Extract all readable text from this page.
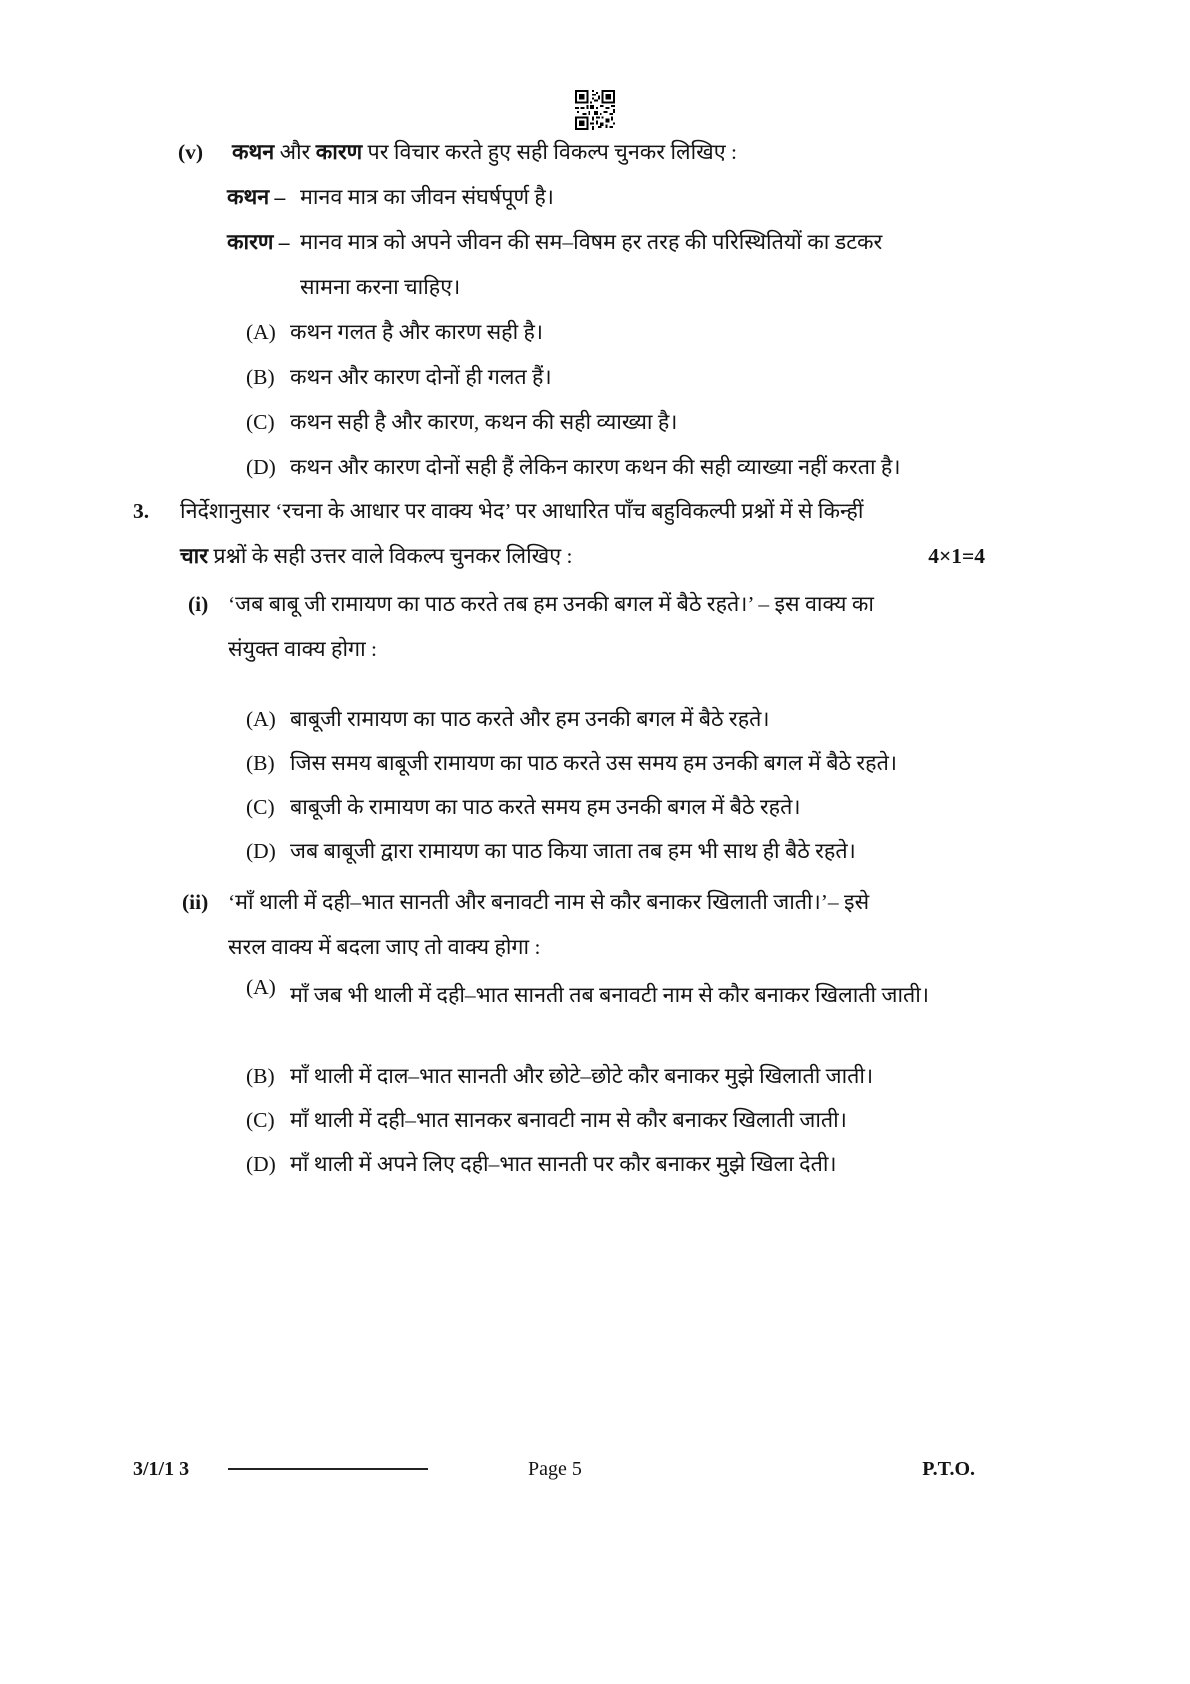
(v) कथन और कारण पर विचार करते हुए सही विकल्प चुनकर लिखिए :
कथन – मानव मात्र का जीवन संघर्षपूर्ण है।
कारण – मानव मात्र को अपने जीवन की सम–विषम हर तरह की परिस्थितियों का डटकर
सामना करना चाहिए।
(A) कथन गलत है और कारण सही है।
(B) कथन और कारण दोनों ही गलत हैं।
(C) कथन सही है और कारण, कथन की सही व्याख्या है।
(D) कथन और कारण दोनों सही हैं लेकिन कारण कथन की सही व्याख्या नहीं करता है।
3. निर्देशानुसार ‘रचना के आधार पर वाक्य भेद’ पर आधारित पाँच बहुविकल्पी प्रश्नों में से किन्हीं
चार प्रश्नों के सही उत्तर वाले विकल्प चुनकर लिखिए :	4×1=4
(i) ‘जब बाबू जी रामायण का पाठ करते तब हम उनकी बगल में बैठे रहते।’ – इस वाक्य का
संयुक्त वाक्य होगा :
(A) बाबूजी रामायण का पाठ करते और हम उनकी बगल में बैठे रहते।
(B) जिस समय बाबूजी रामायण का पाठ करते उस समय हम उनकी बगल में बैठे रहते।
(C) बाबूजी के रामायण का पाठ करते समय हम उनकी बगल में बैठे रहते।
(D) जब बाबूजी द्वारा रामायण का पाठ किया जाता तब हम भी साथ ही बैठे रहते।
(ii) ‘माँ थाली में दही–भात सानती और बनावटी नाम से कौर बनाकर खिलाती जाती।’– इसे
सरल वाक्य में बदला जाए तो वाक्य होगा :
(A) माँ जब भी थाली में दही–भात सानती तब बनावटी नाम से कौर बनाकर खिलाती जाती।
(B) माँ थाली में दाल–भात सानती और छोटे–छोटे कौर बनाकर मुझे खिलाती जाती।
(C) माँ थाली में दही–भात सानकर बनावटी नाम से कौर बनाकर खिलाती जाती।
(D) माँ थाली में अपने लिए दही–भात सानती पर कौर बनाकर मुझे खिला देती।
3/1/1 3	Page 5	P.T.O.
